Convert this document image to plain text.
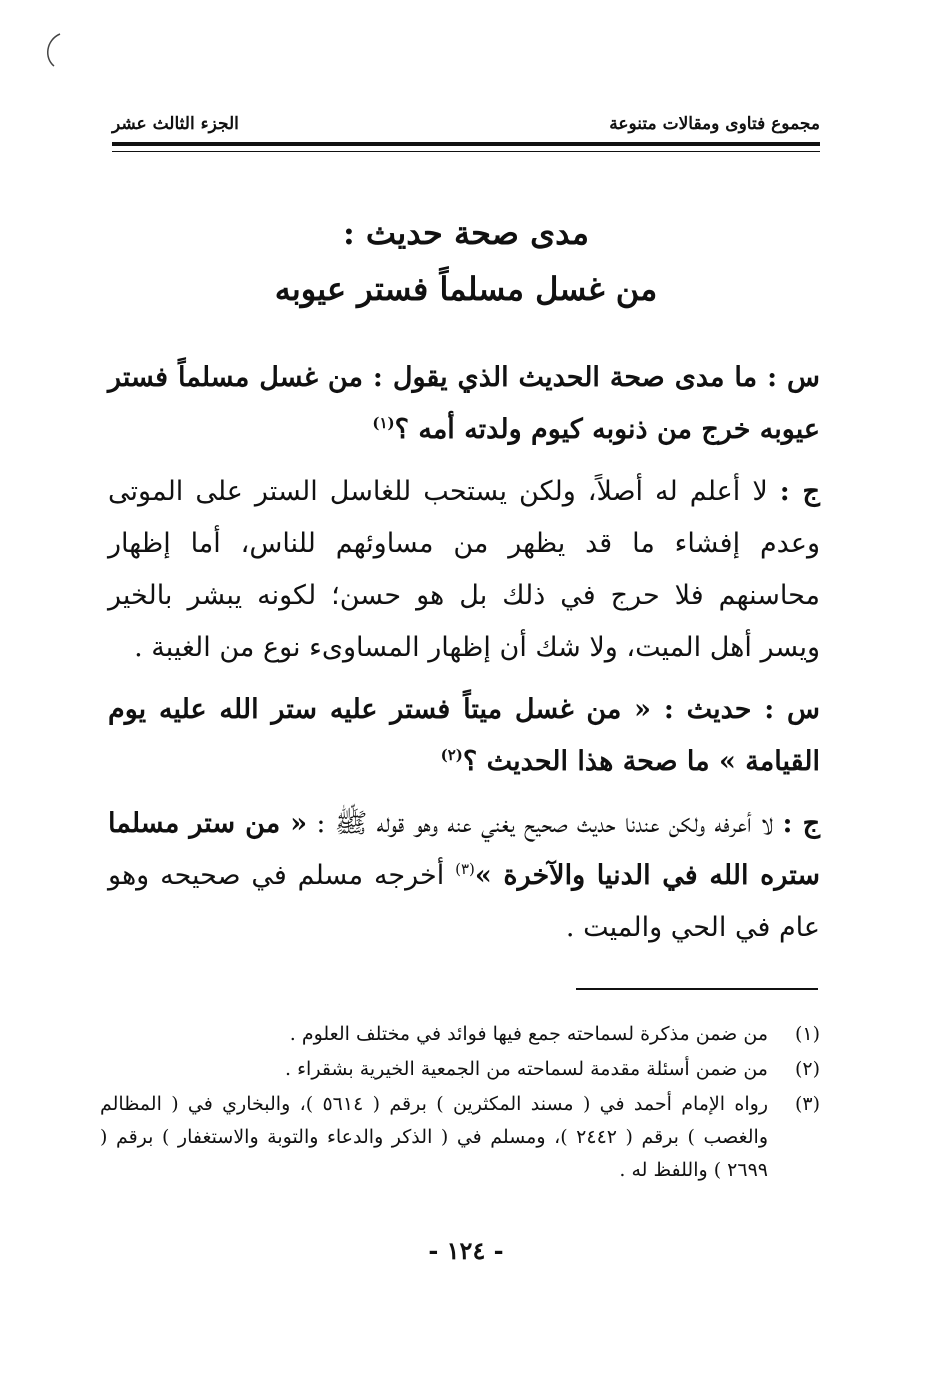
مجموع فتاوى ومقالات متنوعة
الجزء الثالث عشر
مدى صحة حديث :
من غسل مسلماً فستر عيوبه

س : ما مدى صحة الحديث الذي يقول : من غسل مسلماً فستر عيوبه خرج من ذنوبه كيوم ولدته أمه ؟$^{(١)}$

ج : لا أعلم له أصلاً، ولكن يستحب للغاسل الستر على الموتى وعدم إفشاء ما قد يظهر من مساوئهم للناس، أما إظهار محاسنهم فلا حرج في ذلك بل هو حسن؛ لكونه يبشر بالخير ويسر أهل الميت، ولا شك أن إظهار المساوىء نوع من الغيبة .

س : حديث : « من غسل ميتاً فستر عليه ستر الله عليه يوم القيامة » ما صحة هذا الحديث ؟$^{(٢)}$

ج : لا أعرفه ولكن عندنا حديث صحيح يغني عنه وهو قوله ﷺ : « من ستر مسلما ستره الله في الدنيا والآخرة »$^{(٣)}$ أخرجه مسلم في صحيحه وهو عام في الحي والميت .

(١)
من ضمن مذكرة لسماحته جمع فيها فوائد في مختلف العلوم .
(٢)
من ضمن أسئلة مقدمة لسماحته من الجمعية الخيرية بشقراء .
(٣)
رواه الإمام أحمد في ( مسند المكثرين ) برقم ( ٥٦١٤ )، والبخاري في ( المظالم والغصب ) برقم ( ٢٤٤٢ )، ومسلم في ( الذكر والدعاء والتوبة والاستغفار ) برقم ( ٢٦٩٩ ) واللفظ له .
- ١٢٤ -
